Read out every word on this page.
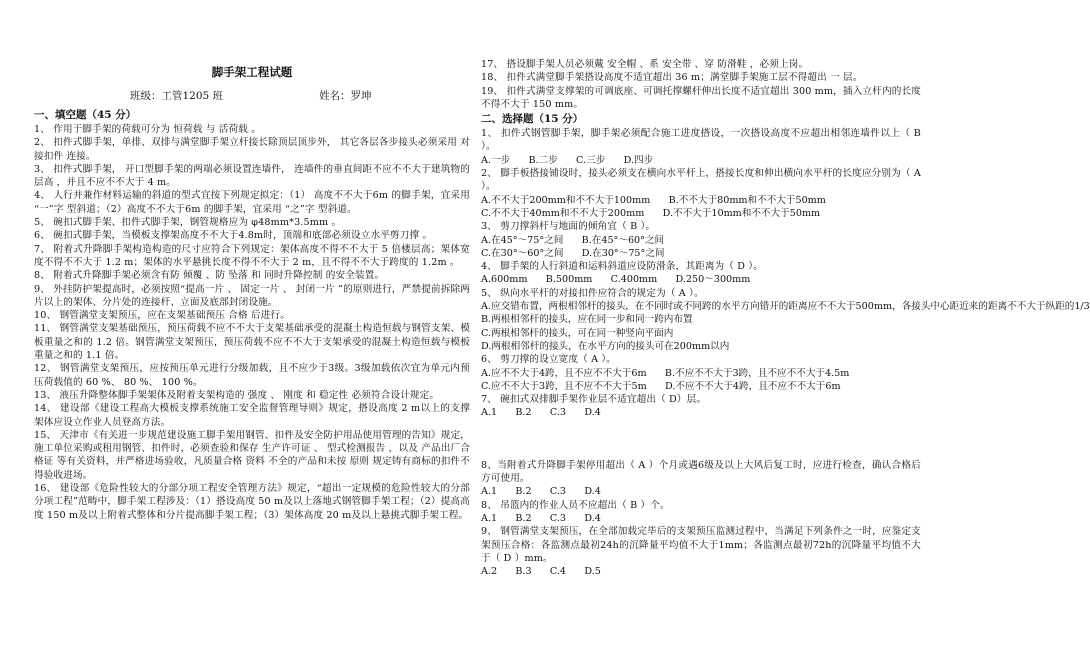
脚手架工程试题
班级：工管1205 班	姓名：罗坤
一、填空题（45 分）

1、 作用于脚手架的荷载可分为 恒荷载 与 活荷载 。

2、 扣件式脚手架，单排、双排与满堂脚手架立杆接长除顶层顶步外， 其它各层各步接头必须采用 对接扣件 连接。

3、 扣件式脚手架， 开口型脚手架的两端必须设置连墙件， 连墙件的垂直间距不应不不大于建筑物的 层高 ，并且不应不不大于 4 m。

4、 人行并兼作材料运输的斜道的型式宜按下列规定拟定：（1） 高度不不大于6m 的脚手架，宜采用 “一”字 型斜道；（2）高度不不大于6m 的脚手架，宜采用 “之”字 型斜道。

5、 碗扣式脚手架、扣件式脚手架，钢管规格应为 φ48mm*3.5mm 。

6、 碗扣式脚手架，当模板支撑架高度不不大于4.8m时，顶端和底部必须设立水平剪刀撑 。

7、 附着式升降脚手架构造构造的尺寸应符合下列规定：架体高度不得不不大于 5 倍楼层高；架体宽度不得不不大于 1.2 m；架体的水平悬挑长度不得不不大于 2 m，且不得不不大于跨度的 1.2m 。

8、 附着式升降脚手架必须含有防 倾覆 、防 坠落 和 同时升降控制 的安全装置。

9、 外挂防护架提高时，必须按照“提高一片 、 固定一片 、 封闭一片 ”的原则进行，严禁提前拆除两片以上的架体、分片处的连接杆、立面及底部封闭设施。

10、 钢管满堂支架预压，应在支架基础预压 合格 后进行。

11、 钢管满堂支架基础预压，预压荷载不应不不大于支架基础承受的混凝土构造恒载与钢管支架、模板重量之和的 1.2 倍。钢管满堂支架预压，预压荷载不应不不大于支架承受的混凝土构造恒载与模板重量之和的 1.1 倍。

12、 钢管满堂支架预压，应按预压单元进行分级加载，且不应少于3级。3级加载依次宜为单元内预压荷载值的 60 %、 80 %、 100 %。

13、 液压升降整体脚手架架体及附着支架构造的 强度 、 刚度 和 稳定性 必须符合设计规定。

14、 建设部《建设工程高大模板支撑系统施工安全监督管理导则》规定，搭设高度 2 m以上的支撑架体应设立作业人员登高方法。

15、 天津市《有关进一步规范建设施工脚手架用钢管、扣件及安全防护用品使用管理的告知》规定，施工单位采购或租用钢管、扣件时，必须查验和保存 生产许可证 、 型式检测报告 ，以及 产品出厂合格证 等有关资料，并严格进场验收，凡质量合格 资料 不全的产品和未按 原则 规定铸有商标的扣件不得验收进场。

16、 建设部《危险性较大的分部分项工程安全管理方法》规定，“超出一定规模的危险性较大的分部分项工程”范畴中，脚手架工程涉及：（1）搭设高度 50 m及以上落地式钢管脚手架工程；（2）提高高度 150 m及以上附着式整体和分片提高脚手架工程；（3）架体高度 20 m及以上悬挑式脚手架工程。

17、 搭设脚手架人员必须戴 安全帽 、系 安全带 、穿 防滑鞋 ，必须上岗。

18、 扣件式满堂脚手架搭设高度不适宜超出 36 m；满堂脚手架施工层不得超出 一 层。

19、 扣件式满堂支撑架的可调底座、可调托撑螺杆伸出长度不适宜超出 300 mm，插入立杆内的长度不得不大于 150 mm。

二、选择题（15 分）

1、 扣件式钢管脚手架，脚手架必须配合施工进度搭设，一次搭设高度不应超出相邻连墙件以上（ B ）。

A.一步      B.二步      C.三步      D.四步

2、 脚手板搭接铺设时，接头必须支在横向水平杆上，搭接长度和伸出横向水平杆的长度应分别为（ A ）。

A.不不大于200mm和不不大于100mm      B.不不大于80mm和不不大于50mm

C.不不大于40mm和不不大于200mm      D.不不大于10mm和不不大于50mm

3、 剪刀撑斜杆与地面的倾角宜（ B ）。

A.在45°～75°之间      B.在45°～60°之间

C.在30°～60°之间      D.在30°～75°之间

4、 脚手架的人行斜道和运料斜道应设防滑条，其距离为（ D ）。

A.600mm      B.500mm      C.400mm      D.250～300mm

5、 纵向水平杆的对接扣件应符合的规定为（ A ）。

A.应交错布置，两根相邻杆的接头，在不同时或不同跨的水平方向错开的距离应不不大于500mm，各接头中心距近来的距离不不大于纵距的1/3

B.两根相邻杆的接头，应在同一步和同一跨内布置

C.两根相邻杆的接头，可在同一种竖向平面内

D.两根相邻杆的接头，在水平方向的接头可在200mm以内

6、 剪刀撑的设立宽度（ A ）。

A.应不不大于4跨，且不应不不大于6m      B.不应不不大于3跨，且不应不不大于4.5m

C.应不不大于3跨，且不应不不大于5m      D.不应不不大于4跨，且不应不不大于6m

7、 碗扣式双排脚手架作业层不适宜超出（ D）层。

A.1      B.2      C.3      D.4

8、当附着式升降脚手架停用超出（ A ）个月或遇6级及以上大风后复工时，应进行检查，确认合格后方可使用。

A.1      B.2      C.3      D.4

8、 吊篮内的作业人员不应超出（ B ）个。

A.1      B.2      C.3      D.4

9、 钢管满堂支架预压，在全部加载完毕后的支架预压监测过程中，当满足下列条件之一时，应鉴定支架预压合格：各监测点最初24h的沉降量平均值不大于1mm；各监测点最初72h的沉降量平均值不大于（ D ）mm。

A.2      B.3      C.4      D.5
